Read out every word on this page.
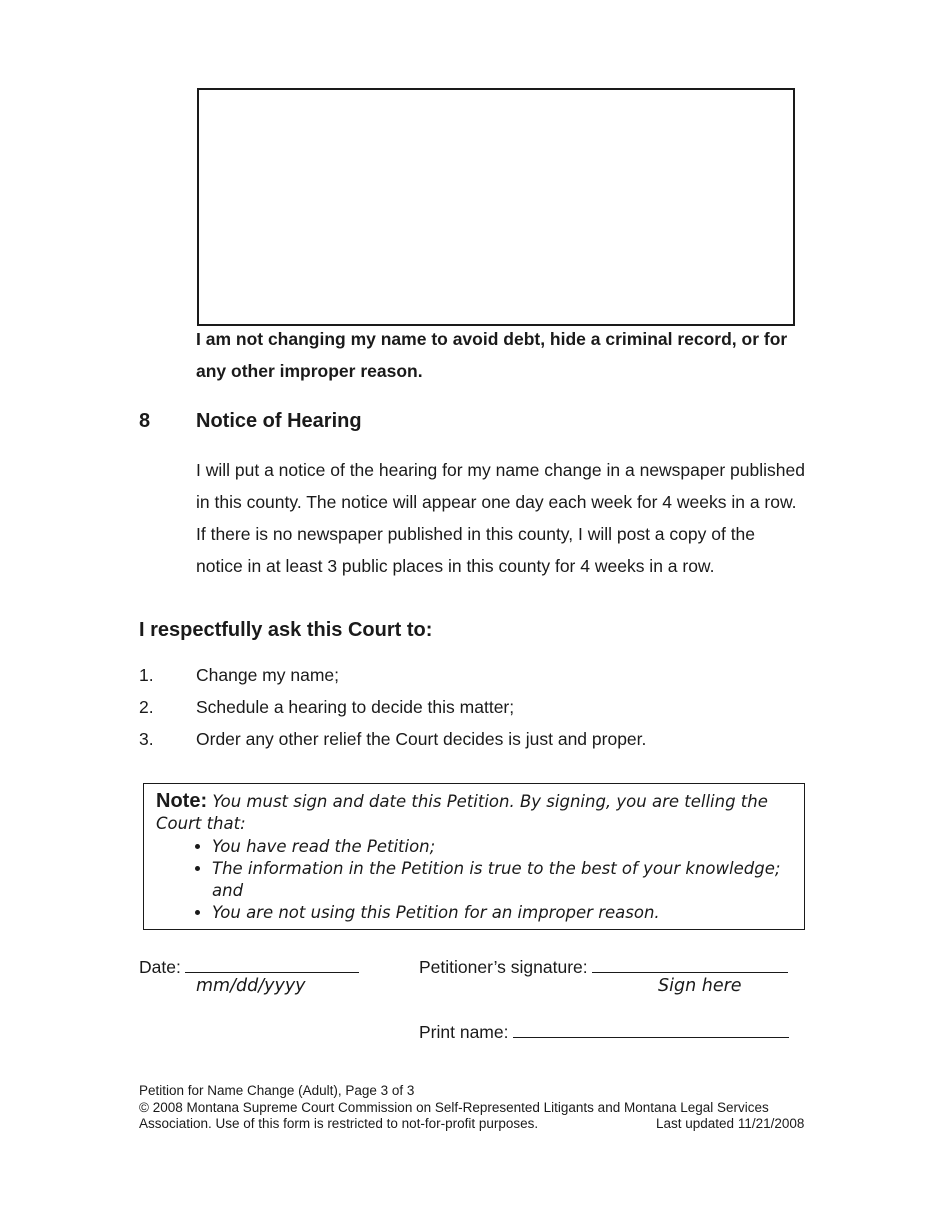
I am not changing my name to avoid debt, hide a criminal record, or for any other improper reason.
8 Notice of Hearing
I will put a notice of the hearing for my name change in a newspaper published in this county. The notice will appear one day each week for 4 weeks in a row. If there is no newspaper published in this county, I will post a copy of the notice in at least 3 public places in this county for 4 weeks in a row.
I respectfully ask this Court to:
1. Change my name;
2. Schedule a hearing to decide this matter;
3. Order any other relief the Court decides is just and proper.
Note: You must sign and date this Petition. By signing, you are telling the Court that:
• You have read the Petition;
• The information in the Petition is true to the best of your knowledge; and
• You are not using this Petition for an improper reason.
Date:
mm/dd/yyyy
Petitioner’s signature:
Sign here
Print name:
Petition for Name Change (Adult), Page 3 of 3
© 2008 Montana Supreme Court Commission on Self-Represented Litigants and Montana Legal Services
Association. Use of this form is restricted to not-for-profit purposes.	Last updated 11/21/2008
